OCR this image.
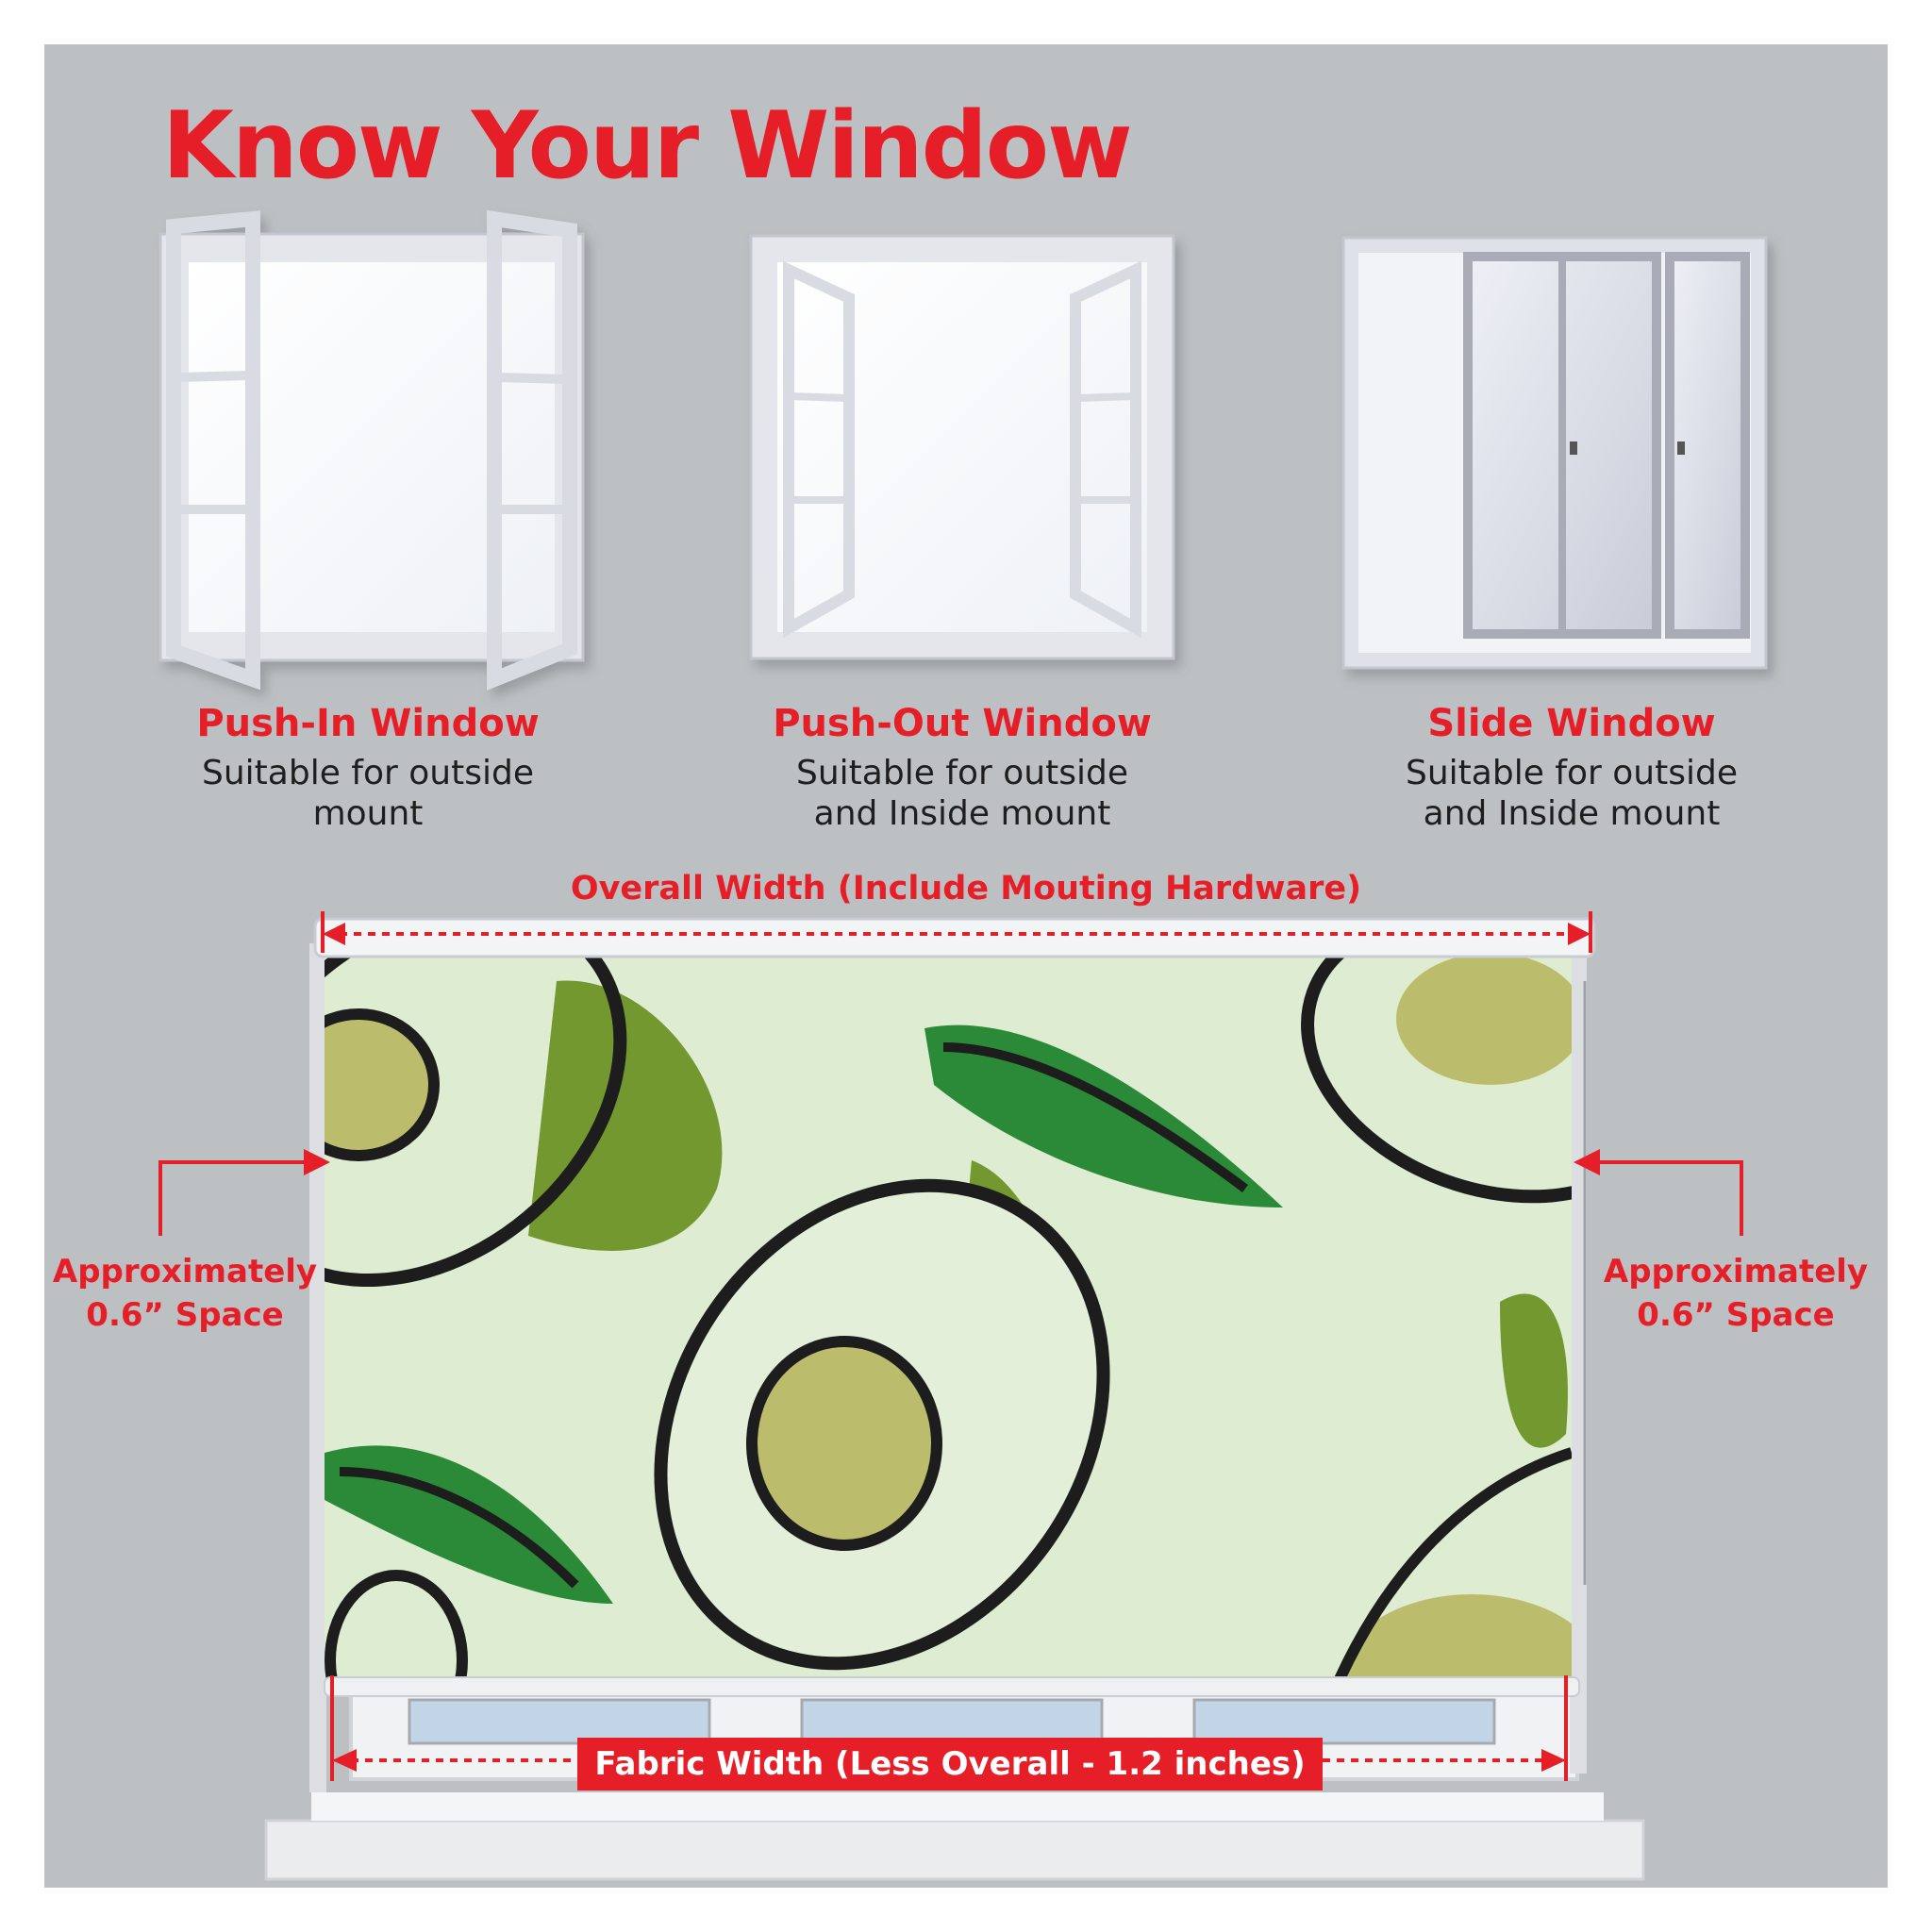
Know Your Window

Push-In Window

Suitable for outside
mount

Push-Out Window

Suitable for outside
and Inside mount

Slide Window

Suitable for outside
and Inside mount

Overall Width (Include Mouting Hardware)
Approximately
0.6” Space
Approximately
0.6” Space
Fabric Width (Less Overall - 1.2 inches)
